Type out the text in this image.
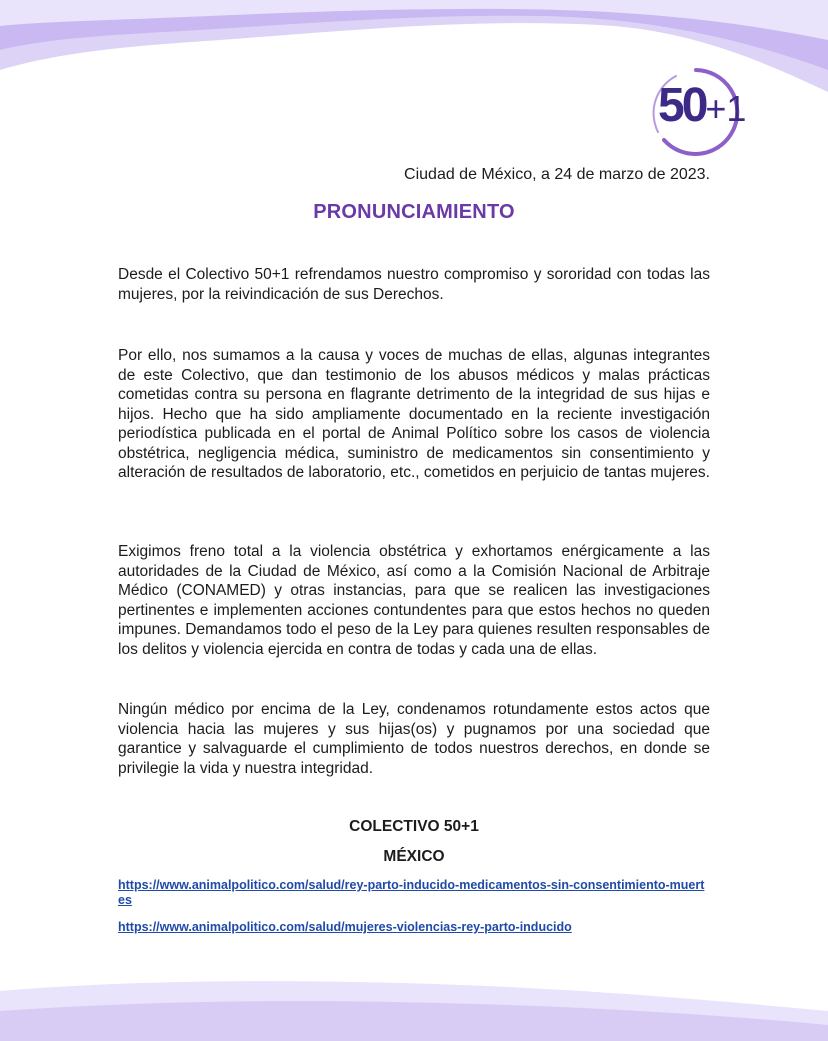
50+1
Ciudad de México, a 24 de marzo de 2023.
PRONUNCIAMIENTO

Desde el Colectivo 50+1 refrendamos nuestro compromiso y sororidad con todas las mujeres, por la reivindicación de sus Derechos.

Por ello, nos sumamos a la causa y voces de muchas de ellas, algunas integrantes de este Colectivo, que dan testimonio de los abusos médicos y malas prácticas cometidas contra su persona en flagrante detrimento de la integridad de sus hijas e hijos. Hecho que ha sido ampliamente documentado en la reciente investigación periodística publicada en el portal de Animal Político sobre los casos de violencia obstétrica, negligencia médica, suministro de medicamentos sin consentimiento y alteración de resultados de laboratorio, etc., cometidos en perjuicio de tantas mujeres.

Exigimos freno total a la violencia obstétrica y exhortamos enérgicamente a las autoridades de la Ciudad de México, así como a la Comisión Nacional de Arbitraje Médico (CONAMED) y otras instancias, para que se realicen las investigaciones pertinentes e implementen acciones contundentes para que estos hechos no queden impunes. Demandamos todo el peso de la Ley para quienes resulten responsables de los delitos y violencia ejercida en contra de todas y cada una de ellas.

Ningún médico por encima de la Ley, condenamos rotundamente estos actos que violencia hacia las mujeres y sus hijas(os) y pugnamos por una sociedad que garantice y salvaguarde el cumplimiento de todos nuestros derechos, en donde se privilegie la vida y nuestra integridad.

COLECTIVO 50+1
MÉXICO
https://www.animalpolitico.com/salud/rey-parto-inducido-medicamentos-sin-consentimiento-muertes
https://www.animalpolitico.com/salud/mujeres-violencias-rey-parto-inducido
